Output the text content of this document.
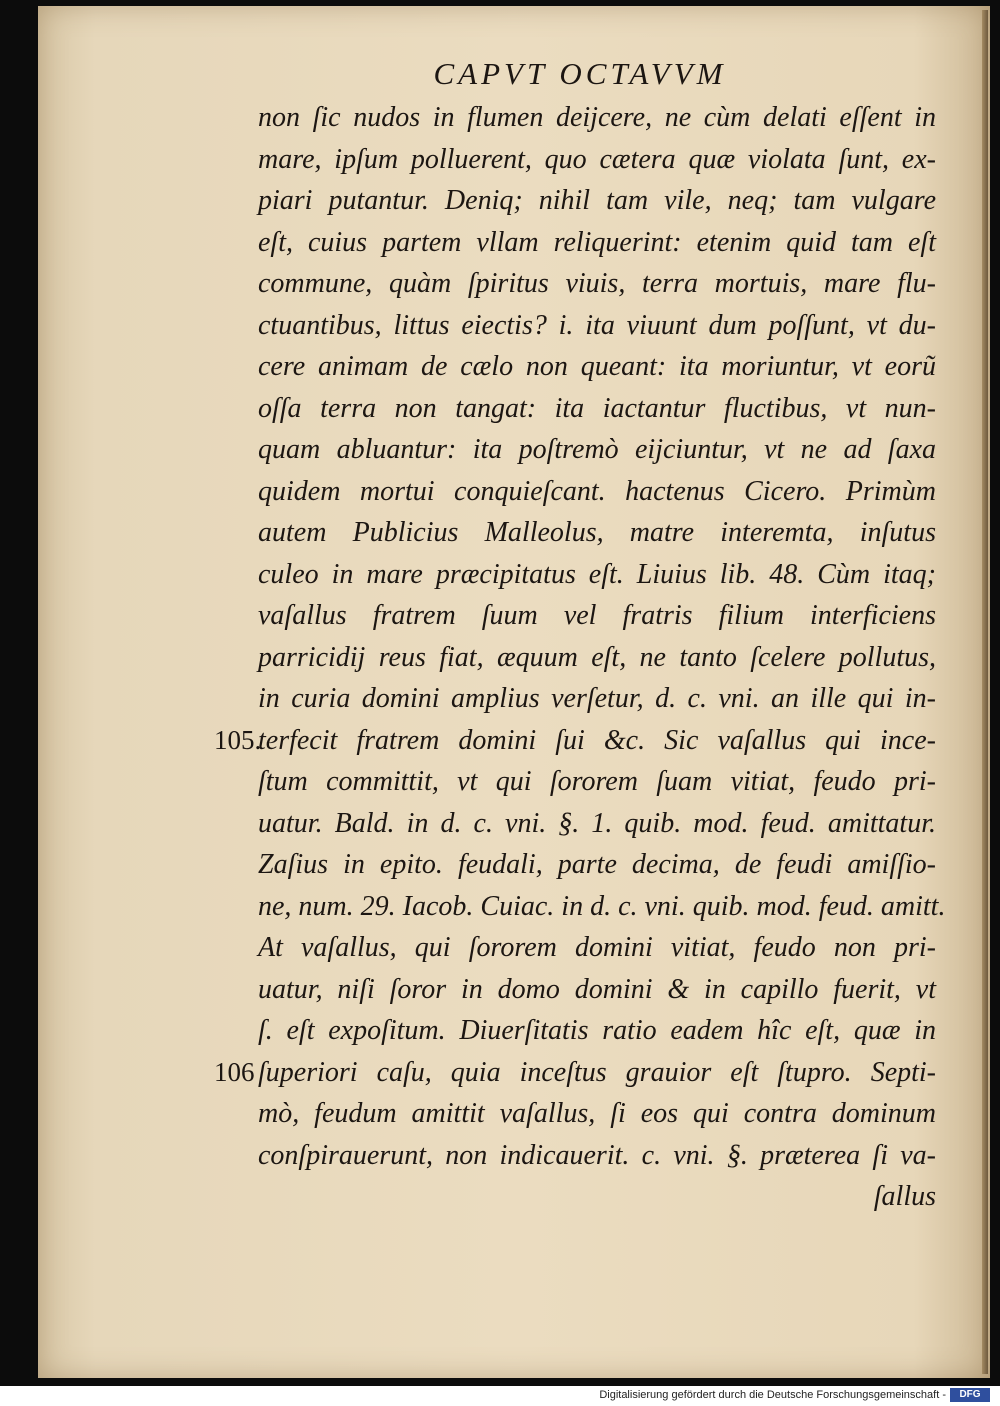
CAPVT OCTAVVM
non ſic nudos in flumen deijcere, ne cùm delati eſſent in
mare, ipſum polluerent, quo cætera quæ violata ſunt, ex-
piari putantur. Deniq; nihil tam vile, neq; tam vulgare
eſt, cuius partem vllam reliquerint: etenim quid tam eſt
commune, quàm ſpiritus viuis, terra mortuis, mare flu-
ctuantibus, littus eiectis? i. ita viuunt dum poſſunt, vt du-
cere animam de cælo non queant: ita moriuntur, vt eorũ
oſſa terra non tangat: ita iactantur fluctibus, vt nun-
quam abluantur: ita poſtremò eijciuntur, vt ne ad ſaxa
quidem mortui conquieſcant. hactenus Cicero. Primùm
autem Publicius Malleolus, matre interemta, inſutus
culeo in mare præcipitatus eſt. Liuius lib. 48. Cùm itaq;
vaſallus fratrem ſuum vel fratris filium interficiens
parricidij reus fiat, æquum eſt, ne tanto ſcelere pollutus,
in curia domini amplius verſetur, d. c. vni. an ille qui in-
terfecit fratrem domini ſui &c. Sic vaſallus qui ince-
ſtum committit, vt qui ſororem ſuam vitiat, feudo pri-
uatur. Bald. in d. c. vni. §. 1. quib. mod. feud. amittatur.
Zaſius in epito. feudali, parte decima, de feudi amiſſio-
ne, num. 29. Iacob. Cuiac. in d. c. vni. quib. mod. feud. amitt.
At vaſallus, qui ſororem domini vitiat, feudo non pri-
uatur, niſi ſoror in domo domini & in capillo fuerit, vt
ſ. eſt expoſitum. Diuerſitatis ratio eadem hîc eſt, quæ in
ſuperiori caſu, quia inceſtus grauior eſt ſtupro. Septi-
mò, feudum amittit vaſallus, ſi eos qui contra dominum
conſpirauerunt, non indicauerit. c. vni. §. præterea ſi va-
ſallus
105.
106
Digitalisierung gefördert durch die Deutsche Forschungsgemeinschaft -	DFG
